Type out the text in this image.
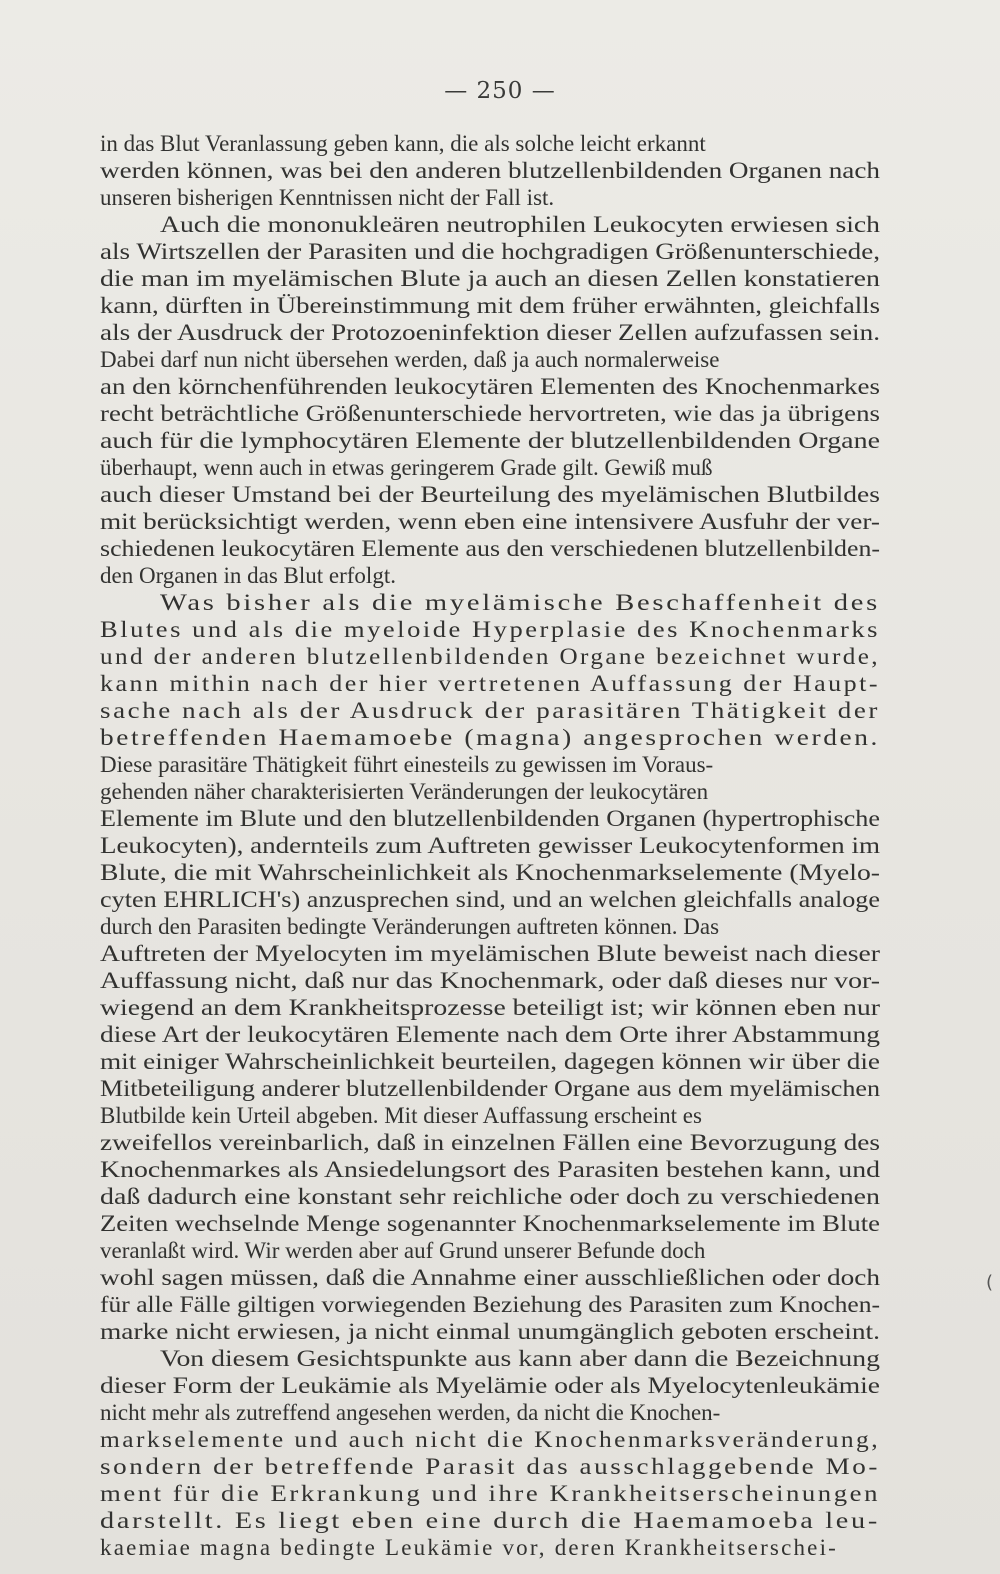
— 250 —
in das Blut Veranlassung geben kann, die als solche leicht erkannt
werden können, was bei den anderen blutzellenbildenden Organen nach
unseren bisherigen Kenntnissen nicht der Fall ist.
Auch die mononukleären neutrophilen Leukocyten erwiesen sich
als Wirtszellen der Parasiten und die hochgradigen Größenunterschiede,
die man im myelämischen Blute ja auch an diesen Zellen konstatieren
kann, dürften in Übereinstimmung mit dem früher erwähnten, gleichfalls
als der Ausdruck der Protozoeninfektion dieser Zellen aufzufassen sein.
Dabei darf nun nicht übersehen werden, daß ja auch normalerweise
an den körnchenführenden leukocytären Elementen des Knochenmarkes
recht beträchtliche Größenunterschiede hervortreten, wie das ja übrigens
auch für die lymphocytären Elemente der blutzellenbildenden Organe
überhaupt, wenn auch in etwas geringerem Grade gilt. Gewiß muß
auch dieser Umstand bei der Beurteilung des myelämischen Blutbildes
mit berücksichtigt werden, wenn eben eine intensivere Ausfuhr der ver-
schiedenen leukocytären Elemente aus den verschiedenen blutzellenbilden-
den Organen in das Blut erfolgt.
Was bisher als die myelämische Beschaffenheit des
Blutes und als die myeloide Hyperplasie des Knochenmarks
und der anderen blutzellenbildenden Organe bezeichnet wurde,
kann mithin nach der hier vertretenen Auffassung der Haupt-
sache nach als der Ausdruck der parasitären Thätigkeit der
betreffenden Haemamoebe (magna) angesprochen werden.
Diese parasitäre Thätigkeit führt einesteils zu gewissen im Voraus-
gehenden näher charakterisierten Veränderungen der leukocytären
Elemente im Blute und den blutzellenbildenden Organen (hypertrophische
Leukocyten), andernteils zum Auftreten gewisser Leukocytenformen im
Blute, die mit Wahrscheinlichkeit als Knochenmarkselemente (Myelo-
cyten EHRLICH's) anzusprechen sind, und an welchen gleichfalls analoge
durch den Parasiten bedingte Veränderungen auftreten können. Das
Auftreten der Myelocyten im myelämischen Blute beweist nach dieser
Auffassung nicht, daß nur das Knochenmark, oder daß dieses nur vor-
wiegend an dem Krankheitsprozesse beteiligt ist; wir können eben nur
diese Art der leukocytären Elemente nach dem Orte ihrer Abstammung
mit einiger Wahrscheinlichkeit beurteilen, dagegen können wir über die
Mitbeteiligung anderer blutzellenbildender Organe aus dem myelämischen
Blutbilde kein Urteil abgeben. Mit dieser Auffassung erscheint es
zweifellos vereinbarlich, daß in einzelnen Fällen eine Bevorzugung des
Knochenmarkes als Ansiedelungsort des Parasiten bestehen kann, und
daß dadurch eine konstant sehr reichliche oder doch zu verschiedenen
Zeiten wechselnde Menge sogenannter Knochenmarkselemente im Blute
veranlaßt wird. Wir werden aber auf Grund unserer Befunde doch
wohl sagen müssen, daß die Annahme einer ausschließlichen oder doch
für alle Fälle giltigen vorwiegenden Beziehung des Parasiten zum Knochen-
marke nicht erwiesen, ja nicht einmal unumgänglich geboten erscheint.
Von diesem Gesichtspunkte aus kann aber dann die Bezeichnung
dieser Form der Leukämie als Myelämie oder als Myelocytenleukämie
nicht mehr als zutreffend angesehen werden, da nicht die Knochen-
markselemente und auch nicht die Knochenmarksveränderung,
sondern der betreffende Parasit das ausschlaggebende Mo-
ment für die Erkrankung und ihre Krankheitserscheinungen
darstellt. Es liegt eben eine durch die Haemamoeba leu-
kaemiae magna bedingte Leukämie vor, deren Krankheitserschei-
(
